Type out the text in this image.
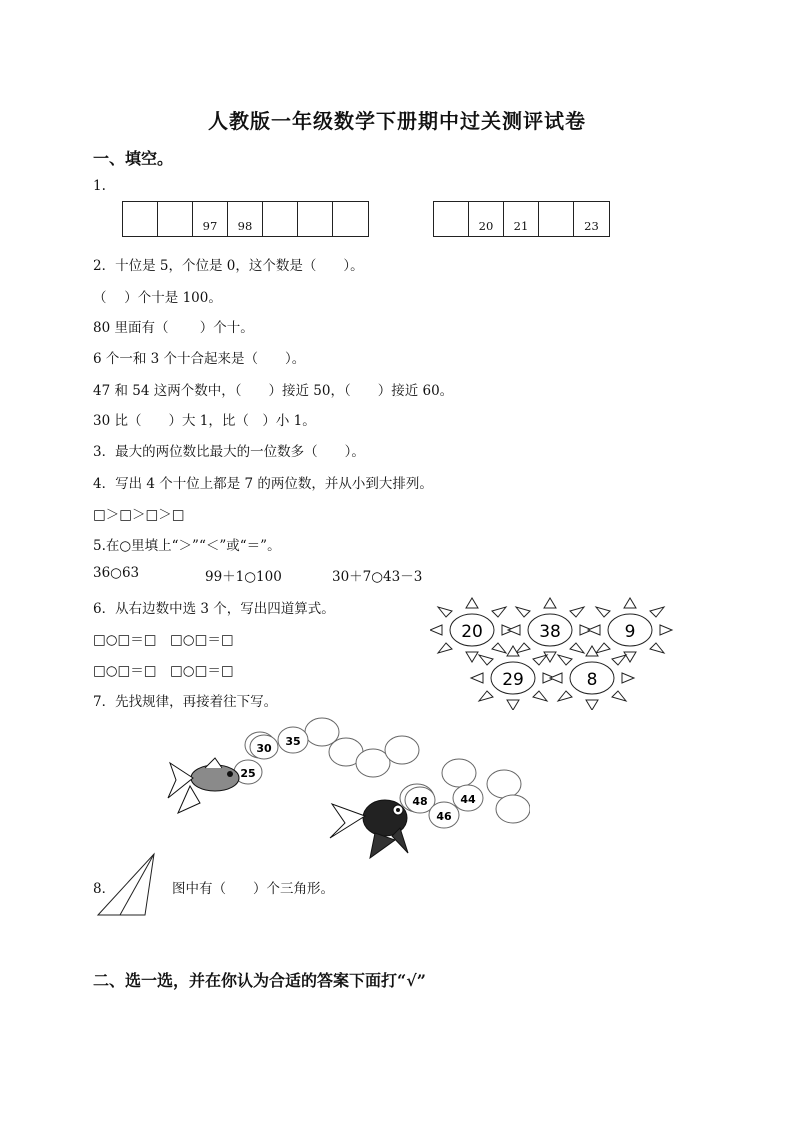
人教版一年级数学下册期中过关测评试卷
一、填空。
1.
97	98	20	21	23
2．十位是 5，个位是 0，这个数是（　　）。
（　 ）个十是 100。
80 里面有（　　 ）个十。
6 个一和 3 个十合起来是（　　）。
47 和 54 这两个数中，（　　）接近 50，（　　）接近 60。
30 比（　　）大 1，比（　）小 1。
3．最大的两位数比最大的一位数多（　　）。
4．写出 4 个十位上都是 7 的两位数，并从小到大排列。
□＞□＞□＞□
5.在○里填上“＞”“＜”或“＝”。
36○63	99＋1○100	30＋7○43－3
6．从右边数中选 3 个，写出四道算式。
□○□＝□　□○□＝□
□○□＝□　□○□＝□
7．先找规律，再接着往下写。
20	38	9
29	8
25
30
35
48
46
44
8．	图中有（　　）个三角形。
二、选一选，并在你认为合适的答案下面打“√”
